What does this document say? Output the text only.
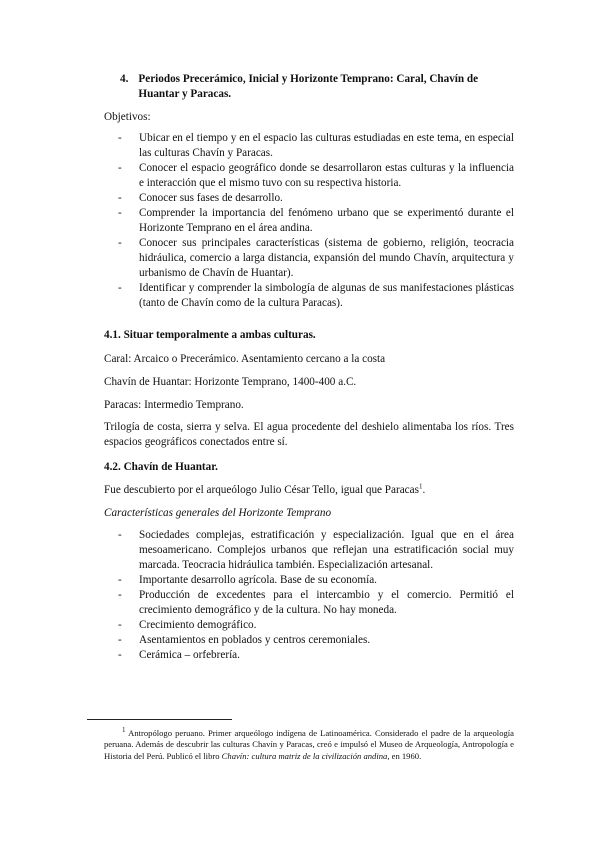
4. Periodos Precerámico, Inicial y Horizonte Temprano: Caral, Chavín de Huantar y Paracas.
Objetivos:
- Ubicar en el tiempo y en el espacio las culturas estudiadas en este tema, en especial las culturas Chavín y Paracas.
- Conocer el espacio geográfico donde se desarrollaron estas culturas y la influencia e interacción que el mismo tuvo con su respectiva historia.
- Conocer sus fases de desarrollo.
- Comprender la importancia del fenómeno urbano que se experimentó durante el Horizonte Temprano en el área andina.
- Conocer sus principales características (sistema de gobierno, religión, teocracia hidráulica, comercio a larga distancia, expansión del mundo Chavín, arquitectura y urbanismo de Chavín de Huantar).
- Identificar y comprender la simbología de algunas de sus manifestaciones plásticas (tanto de Chavín como de la cultura Paracas).
4.1. Situar temporalmente a ambas culturas.
Caral: Arcaico o Precerámico. Asentamiento cercano a la costa
Chavín de Huantar: Horizonte Temprano, 1400-400 a.C.
Paracas: Intermedio Temprano.
Trilogía de costa, sierra y selva. El agua procedente del deshielo alimentaba los ríos. Tres espacios geográficos conectados entre sí.
4.2. Chavín de Huantar.
Fue descubierto por el arqueólogo Julio César Tello, igual que Paracas$^1$.
Características generales del Horizonte Temprano
- Sociedades complejas, estratificación y especialización. Igual que en el área mesoamericano. Complejos urbanos que reflejan una estratificación social muy marcada. Teocracia hidráulica también. Especialización artesanal.
- Importante desarrollo agrícola. Base de su economía.
- Producción de excedentes para el intercambio y el comercio. Permitió el crecimiento demográfico y de la cultura. No hay moneda.
- Crecimiento demográfico.
- Asentamientos en poblados y centros ceremoniales.
- Cerámica – orfebrería.
$^1$ Antropólogo peruano. Primer arqueólogo indígena de Latinoamérica. Considerado el padre de la arqueología peruana. Además de descubrir las culturas Chavín y Paracas, creó e impulsó el Museo de Arqueología, Antropología e Historia del Perú. Publicó el libro Chavín: cultura matriz de la civilización andina, en 1960.
